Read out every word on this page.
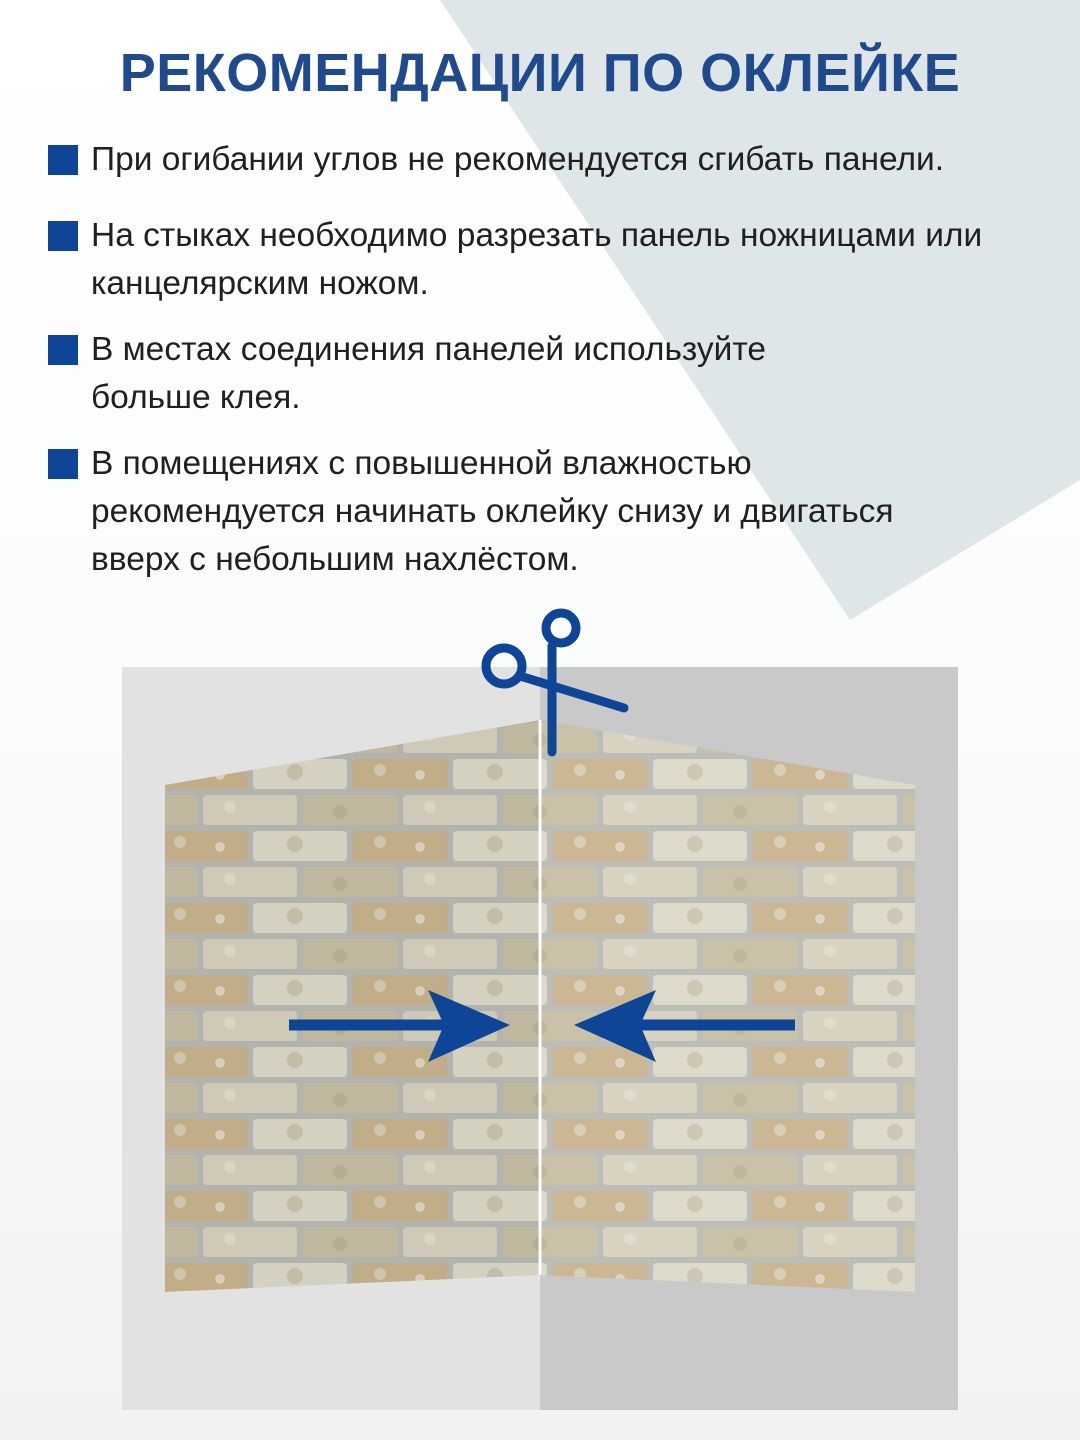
РЕКОМЕНДАЦИИ ПО ОКЛЕЙКЕ
При огибании углов не рекомендуется сгибать панели.
На стыках необходимо разрезать панель ножницами или канцелярским ножом.
В местах соединения панелей используйте больше клея.
В помещениях с повышенной влажностью рекомендуется начинать оклейку снизу и двигаться вверх с небольшим нахлёстом.
